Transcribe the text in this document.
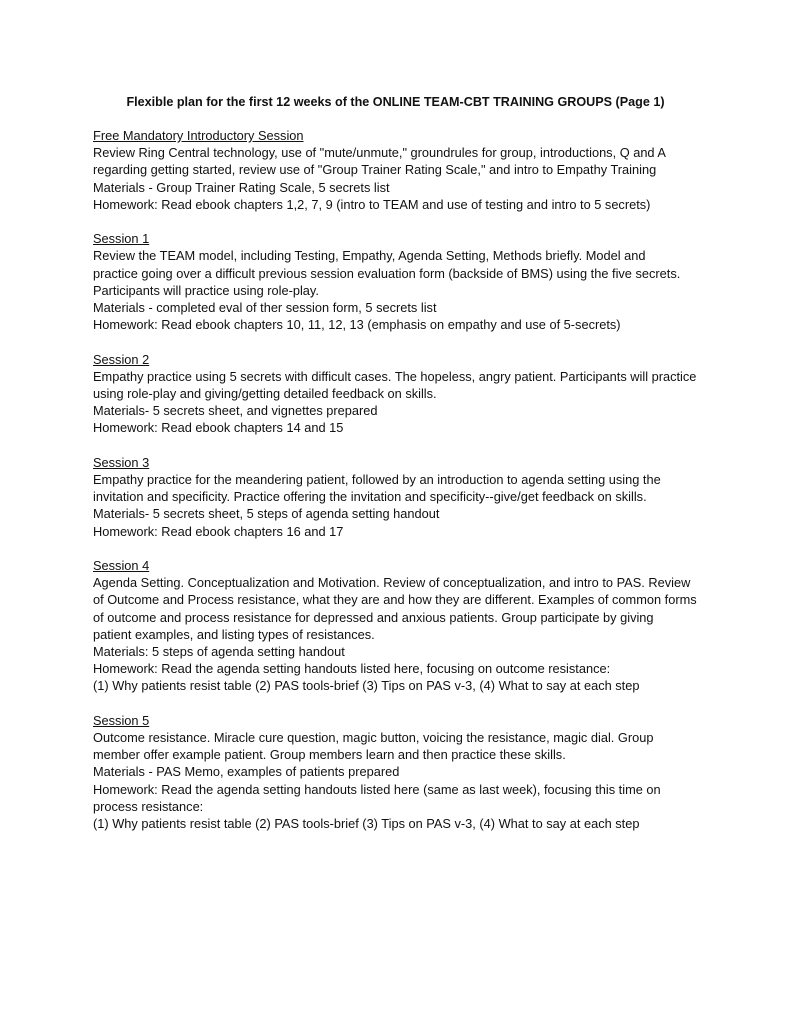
Flexible plan for the first 12 weeks of the ONLINE TEAM-CBT TRAINING GROUPS (Page 1)
Free Mandatory Introductory Session
Review Ring Central technology, use of "mute/unmute," groundrules for group, introductions, Q and A
regarding getting started, review use of "Group Trainer Rating Scale," and intro to Empathy Training
Materials - Group Trainer Rating Scale, 5 secrets list
Homework: Read ebook chapters 1,2, 7, 9 (intro to TEAM and use of testing and intro to 5 secrets)
Session 1
Review the TEAM model, including Testing, Empathy, Agenda Setting, Methods briefly. Model and
practice going over a difficult previous session evaluation form (backside of BMS) using the five secrets.
Participants will practice using role-play.
Materials - completed eval of ther session form, 5 secrets list
Homework: Read ebook chapters 10, 11, 12, 13 (emphasis on empathy and use of 5-secrets)
Session 2
Empathy practice using 5 secrets with difficult cases. The hopeless, angry patient. Participants will practice
using role-play and giving/getting detailed feedback on skills.
Materials- 5 secrets sheet, and vignettes prepared
Homework: Read ebook chapters 14 and 15
Session 3
Empathy practice for the meandering patient, followed by an introduction to agenda setting using the
invitation and specificity. Practice offering the invitation and specificity--give/get feedback on skills.
Materials- 5 secrets sheet, 5 steps of agenda setting handout
Homework: Read ebook chapters 16 and 17
Session 4
Agenda Setting. Conceptualization and Motivation. Review of conceptualization, and intro to PAS. Review
of Outcome and Process resistance, what they are and how they are different. Examples of common forms
of outcome and process resistance for depressed and anxious patients. Group participate by giving
patient examples, and listing types of resistances.
Materials: 5 steps of agenda setting handout
Homework: Read the agenda setting handouts listed here, focusing on outcome resistance:
(1) Why patients resist table (2) PAS tools-brief (3) Tips on PAS v-3, (4) What to say at each step
Session 5
Outcome resistance. Miracle cure question, magic button, voicing the resistance, magic dial. Group
member offer example patient. Group members learn and then practice these skills.
Materials - PAS Memo, examples of patients prepared
Homework: Read the agenda setting handouts listed here (same as last week), focusing this time on
process resistance:
(1) Why patients resist table (2) PAS tools-brief (3) Tips on PAS v-3, (4) What to say at each step
